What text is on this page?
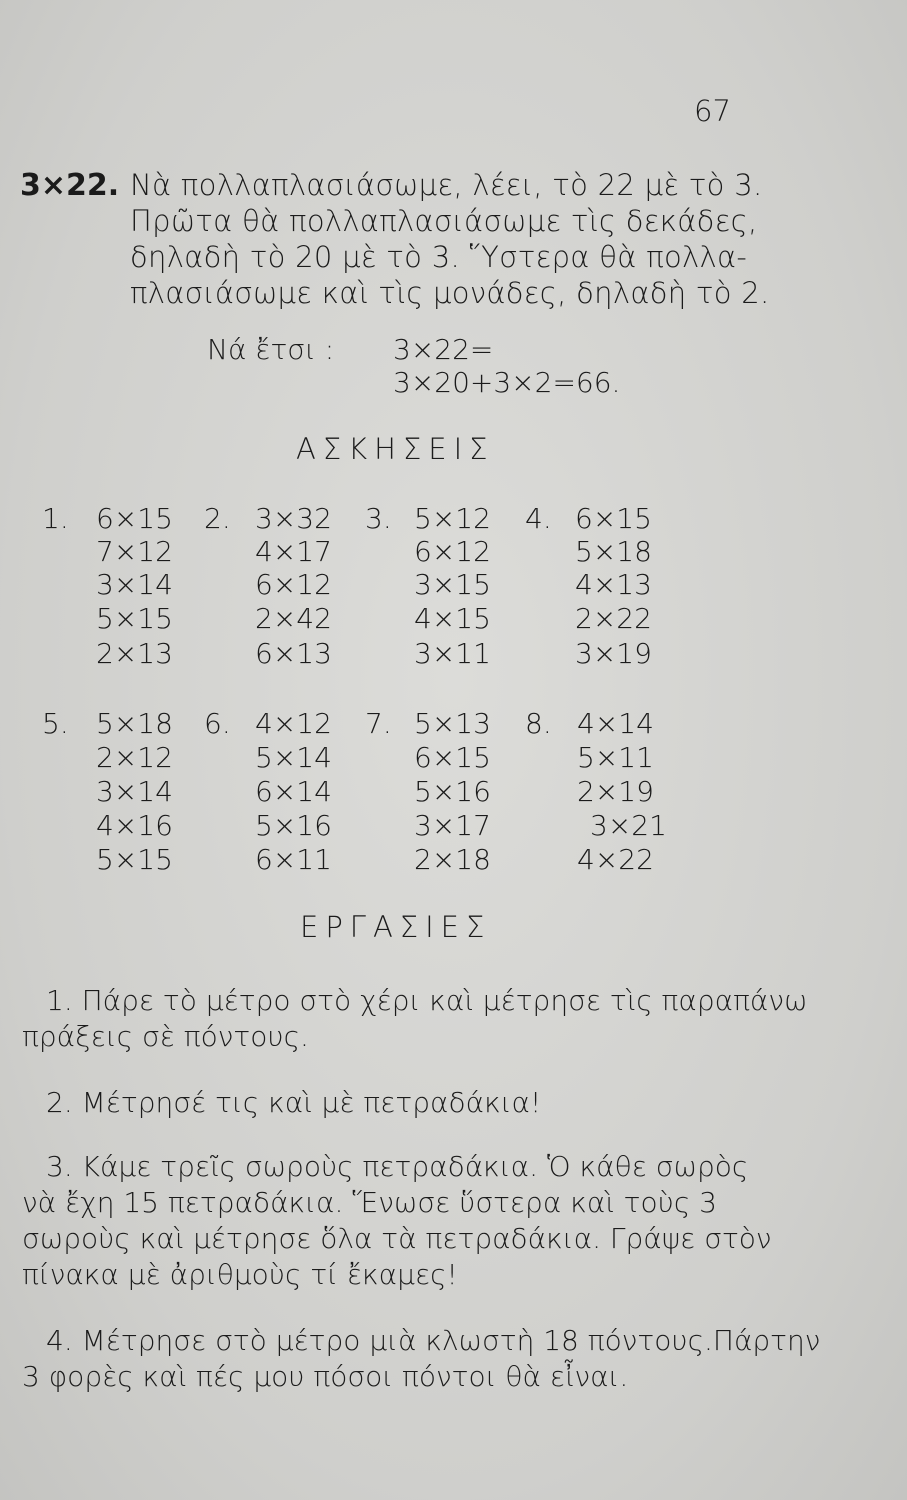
67
3×22. Νὰ πολλαπλασιάσωμε, λέει, τὸ 22 μὲ τὸ 3.
Πρῶτα θὰ πολλαπλασιάσωμε τὶς δεκάδες,
δηλαδὴ τὸ 20 μὲ τὸ 3. Ὕστερα θὰ πολλα-
πλασιάσωμε καὶ τὶς μονάδες, δηλαδὴ τὸ 2.
Νά ἔτσι : 3×22=
3×20+3×2=66.
ΑΣΚΗΣΕΙΣ
1. 6×15
7×12
3×14
5×15
2×13
2. 3×32
4×17
6×12
2×42
6×13
3. 5×12
6×12
3×15
4×15
3×11
4. 6×15
5×18
4×13
2×22
3×19
5. 5×18
2×12
3×14
4×16
5×15
6. 4×12
5×14
6×14
5×16
6×11
7. 5×13
6×15
5×16
3×17
2×18
8. 4×14
5×11
2×19
3×21
4×22
ΕΡΓΑΣΙΕΣ
1. Πάρε τὸ μέτρο στὸ χέρι καὶ μέτρησε τὶς παραπάνω
πράξεις σὲ πόντους.
2. Μέτρησέ τις καὶ μὲ πετραδάκια!
3. Κάμε τρεῖς σωροὺς πετραδάκια. Ὁ κάθε σωρὸς
νὰ ἔχη 15 πετραδάκια. Ἕνωσε ὕστερα καὶ τοὺς 3
σωροὺς καὶ μέτρησε ὅλα τὰ πετραδάκια. Γράψε στὸν
πίνακα μὲ ἀριθμοὺς τί ἔκαμες!
4. Μέτρησε στὸ μέτρο μιὰ κλωστὴ 18 πόντους.Πάρτην
3 φορὲς καὶ πές μου πόσοι πόντοι θὰ εἶναι.
